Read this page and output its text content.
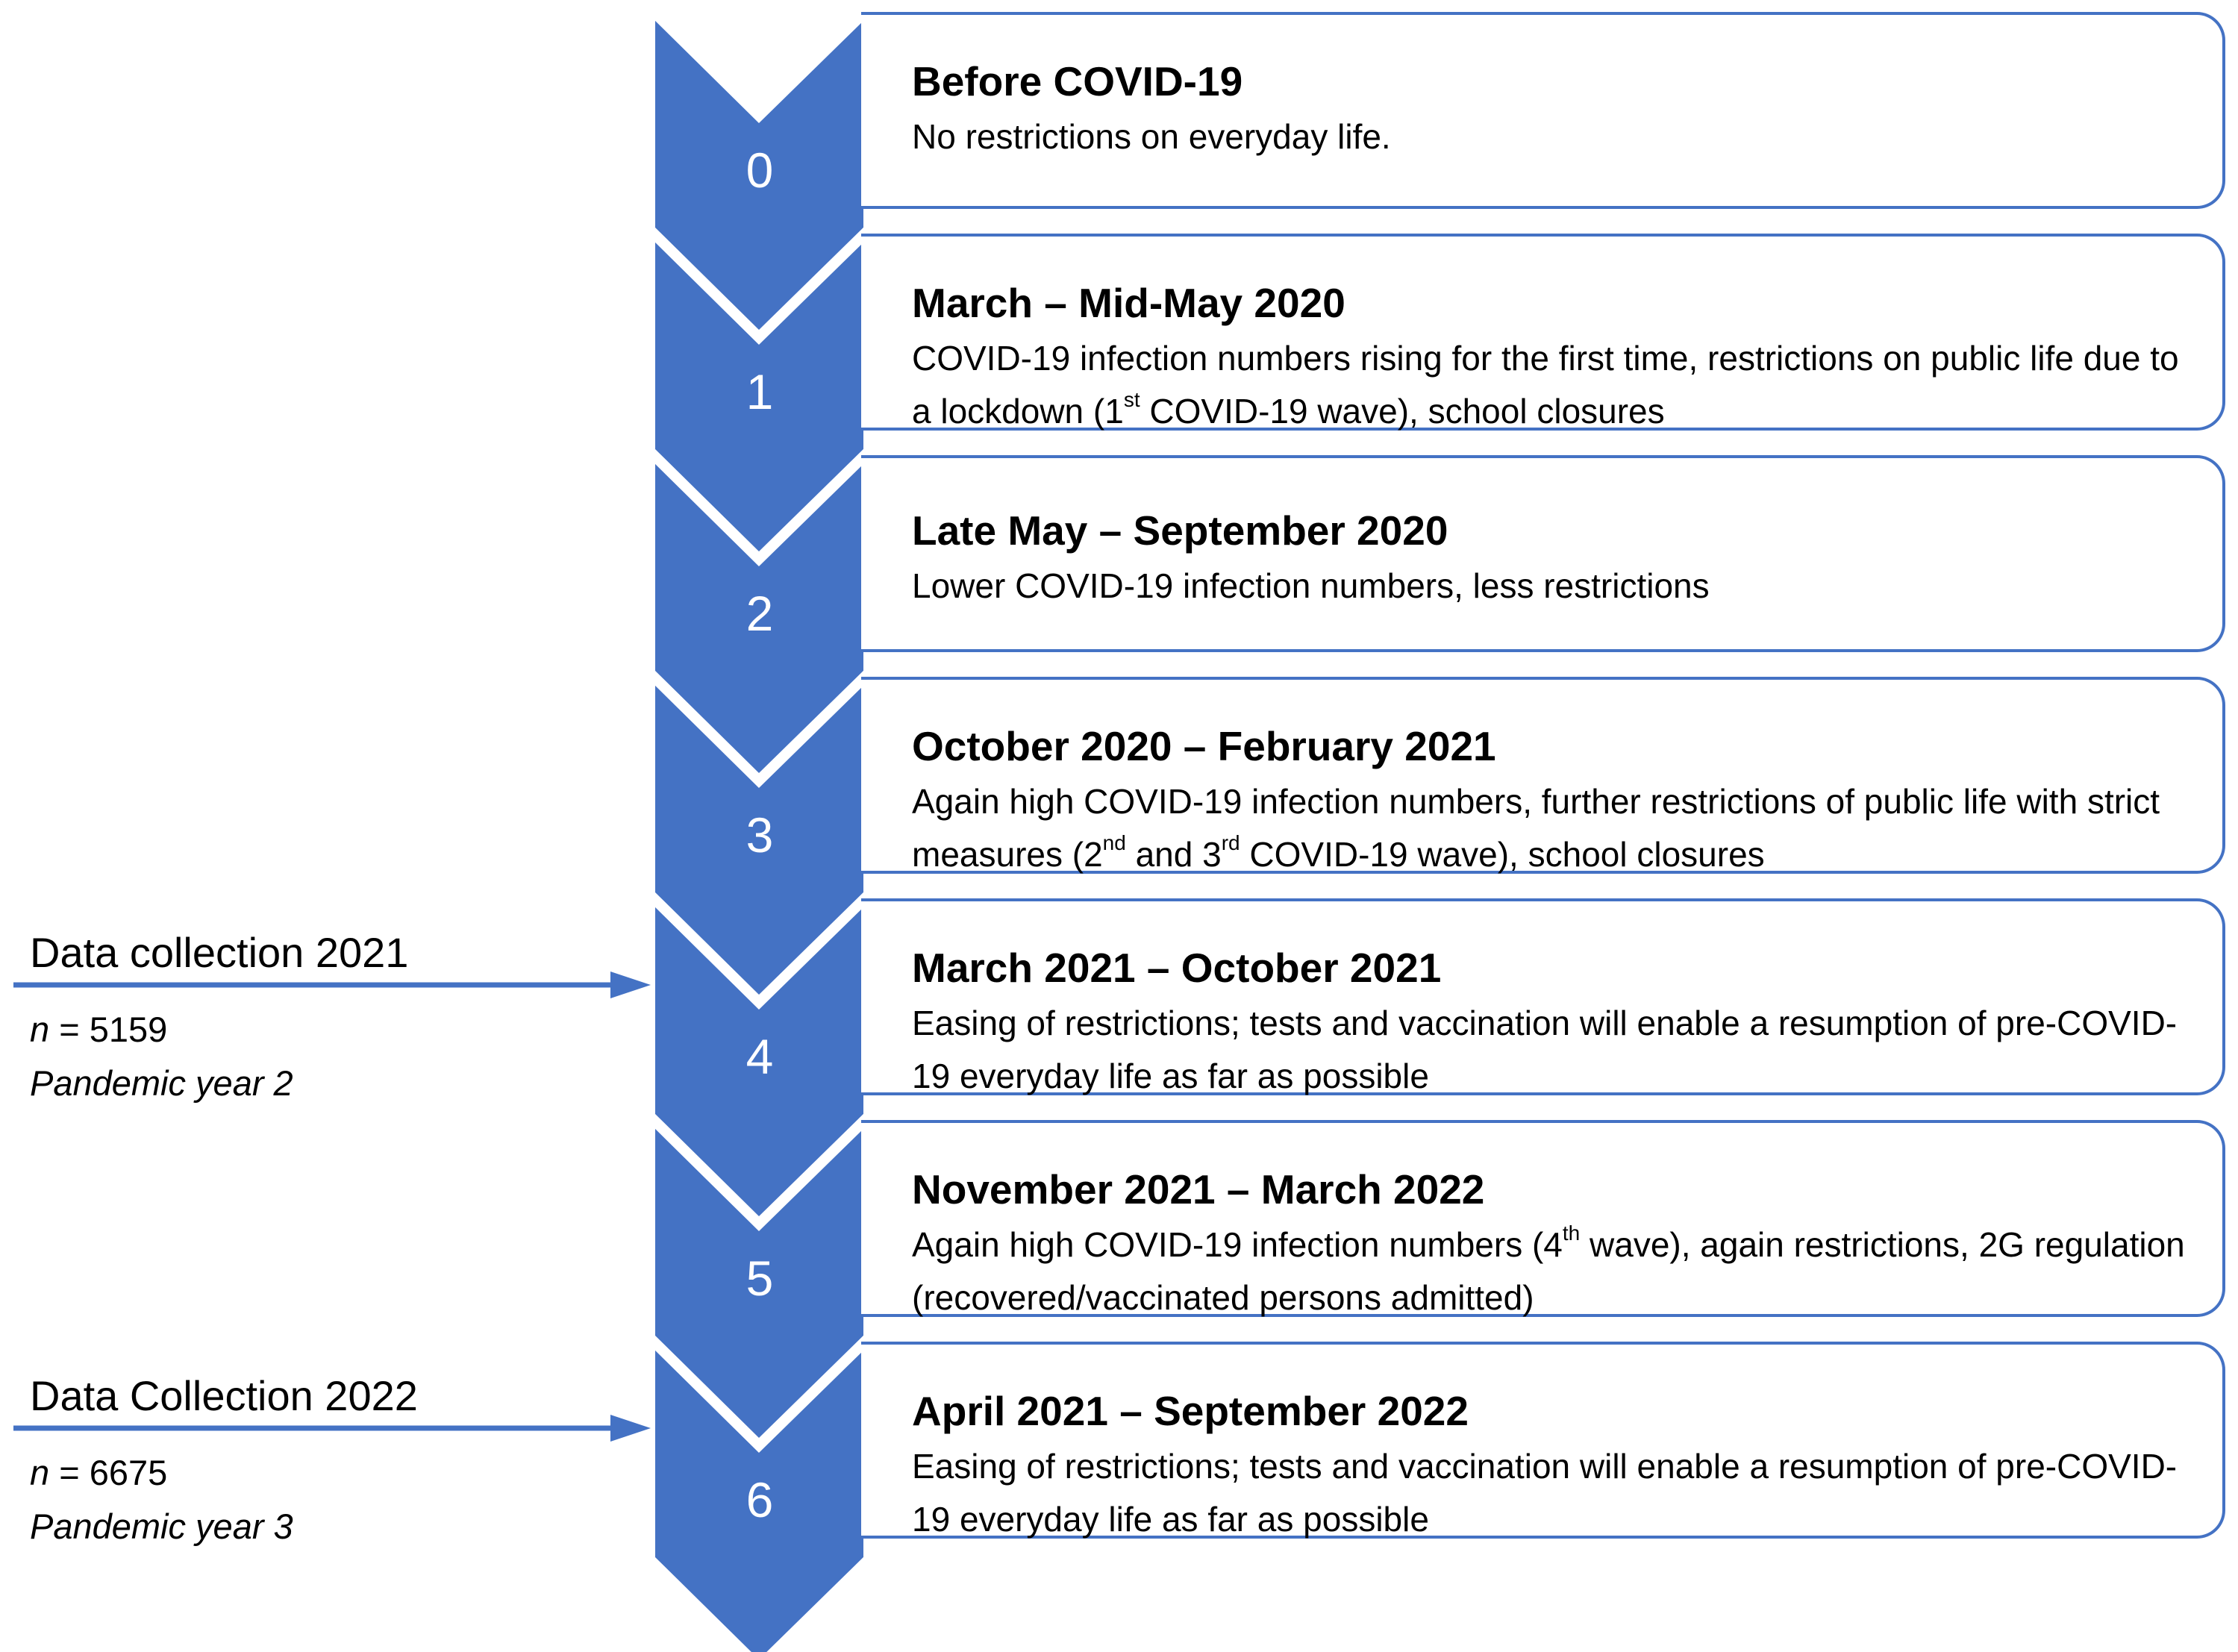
0
Before COVID-19
No restrictions on everyday life.
1
March – Mid-May 2020
COVID-19 infection numbers rising for the first time, restrictions on public life due to a lockdown (1st COVID-19 wave), school closures
2
Late May – September 2020
Lower COVID-19 infection numbers, less restrictions
3
October 2020 – February 2021
Again high COVID-19 infection numbers, further restrictions of public life with strict measures (2nd and 3rd COVID-19 wave), school closures
4
March 2021 – October 2021
Easing of restrictions; tests and vaccination will enable a resumption of pre-COVID-19 everyday life as far as possible
5
November 2021 – March 2022
Again high COVID-19 infection numbers (4th wave), again restrictions, 2G regulation (recovered/vaccinated persons admitted)
6
April 2021 – September 2022
Easing of restrictions; tests and vaccination will enable a resumption of pre-COVID-19 everyday life as far as possible
Data collection 2021
n = 5159
Pandemic year 2
Data Collection 2022
n = 6675
Pandemic year 3
